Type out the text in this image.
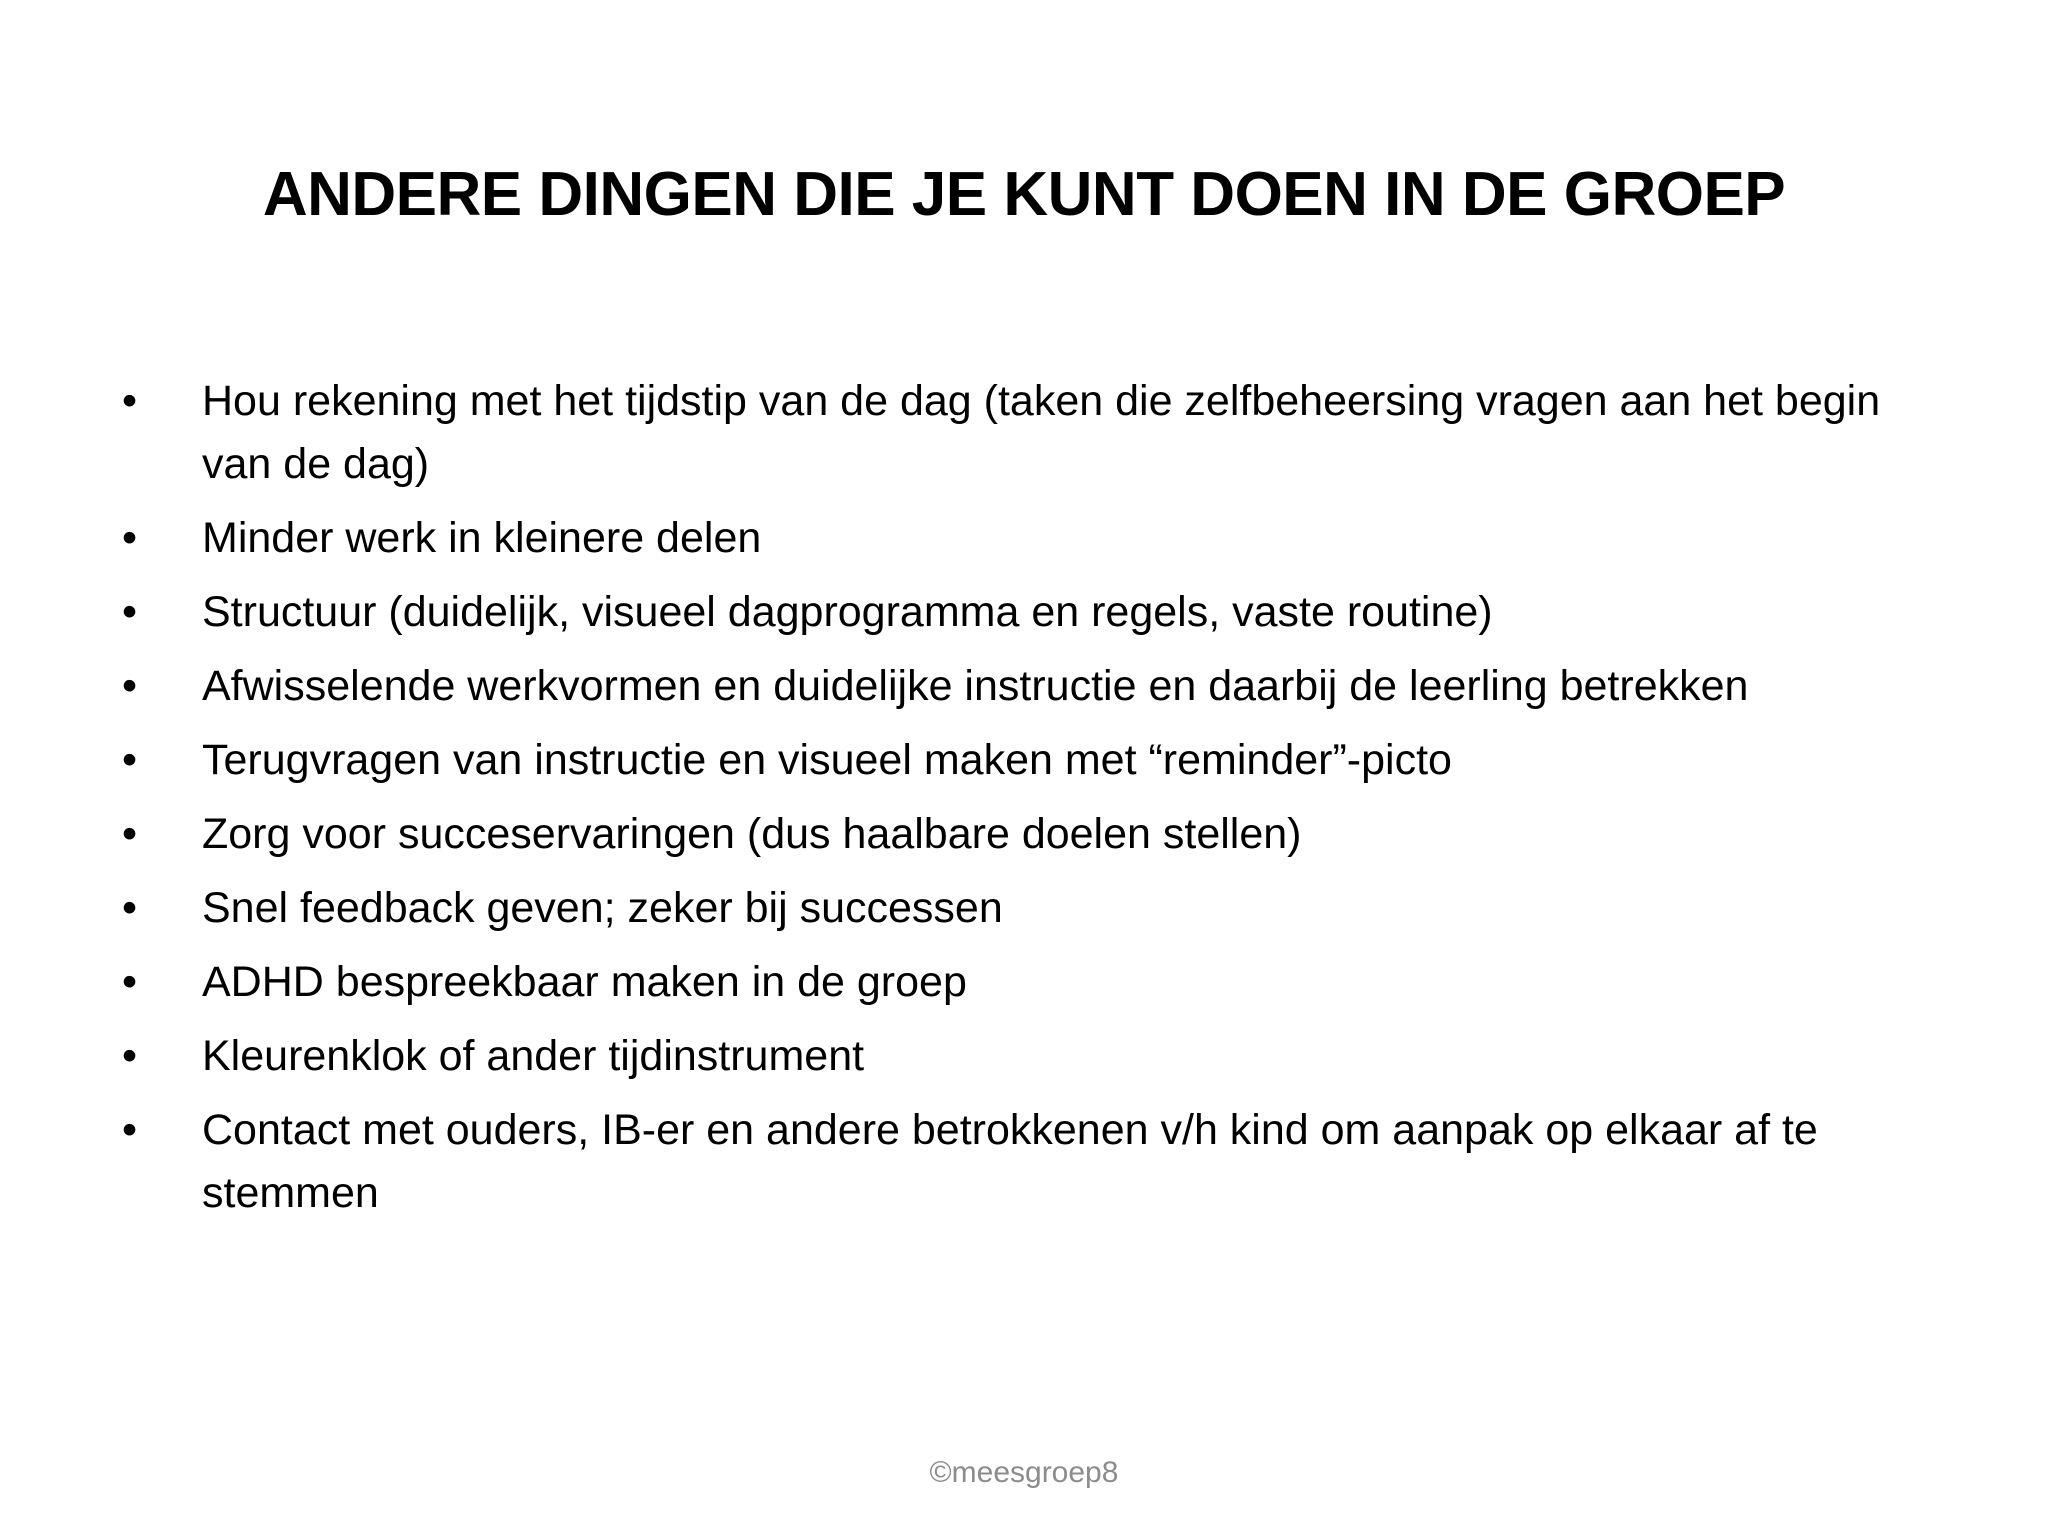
ANDERE DINGEN DIE JE KUNT DOEN IN DE GROEP
•	Hou rekening met het tijdstip van de dag (taken die zelfbeheersing vragen aan het begin van de dag)
•	Minder werk in kleinere delen
•	Structuur (duidelijk, visueel dagprogramma en regels, vaste routine)
•	Afwisselende werkvormen en duidelijke instructie en daarbij de leerling betrekken
•	Terugvragen van instructie en visueel maken met “reminder”-picto
•	Zorg voor succeservaringen (dus haalbare doelen stellen)
•	Snel feedback geven; zeker bij successen
•	ADHD bespreekbaar maken in de groep
•	Kleurenklok of ander tijdinstrument
•	Contact met ouders, IB-er en andere betrokkenen v/h kind om aanpak op elkaar af te stemmen
©meesgroep8
